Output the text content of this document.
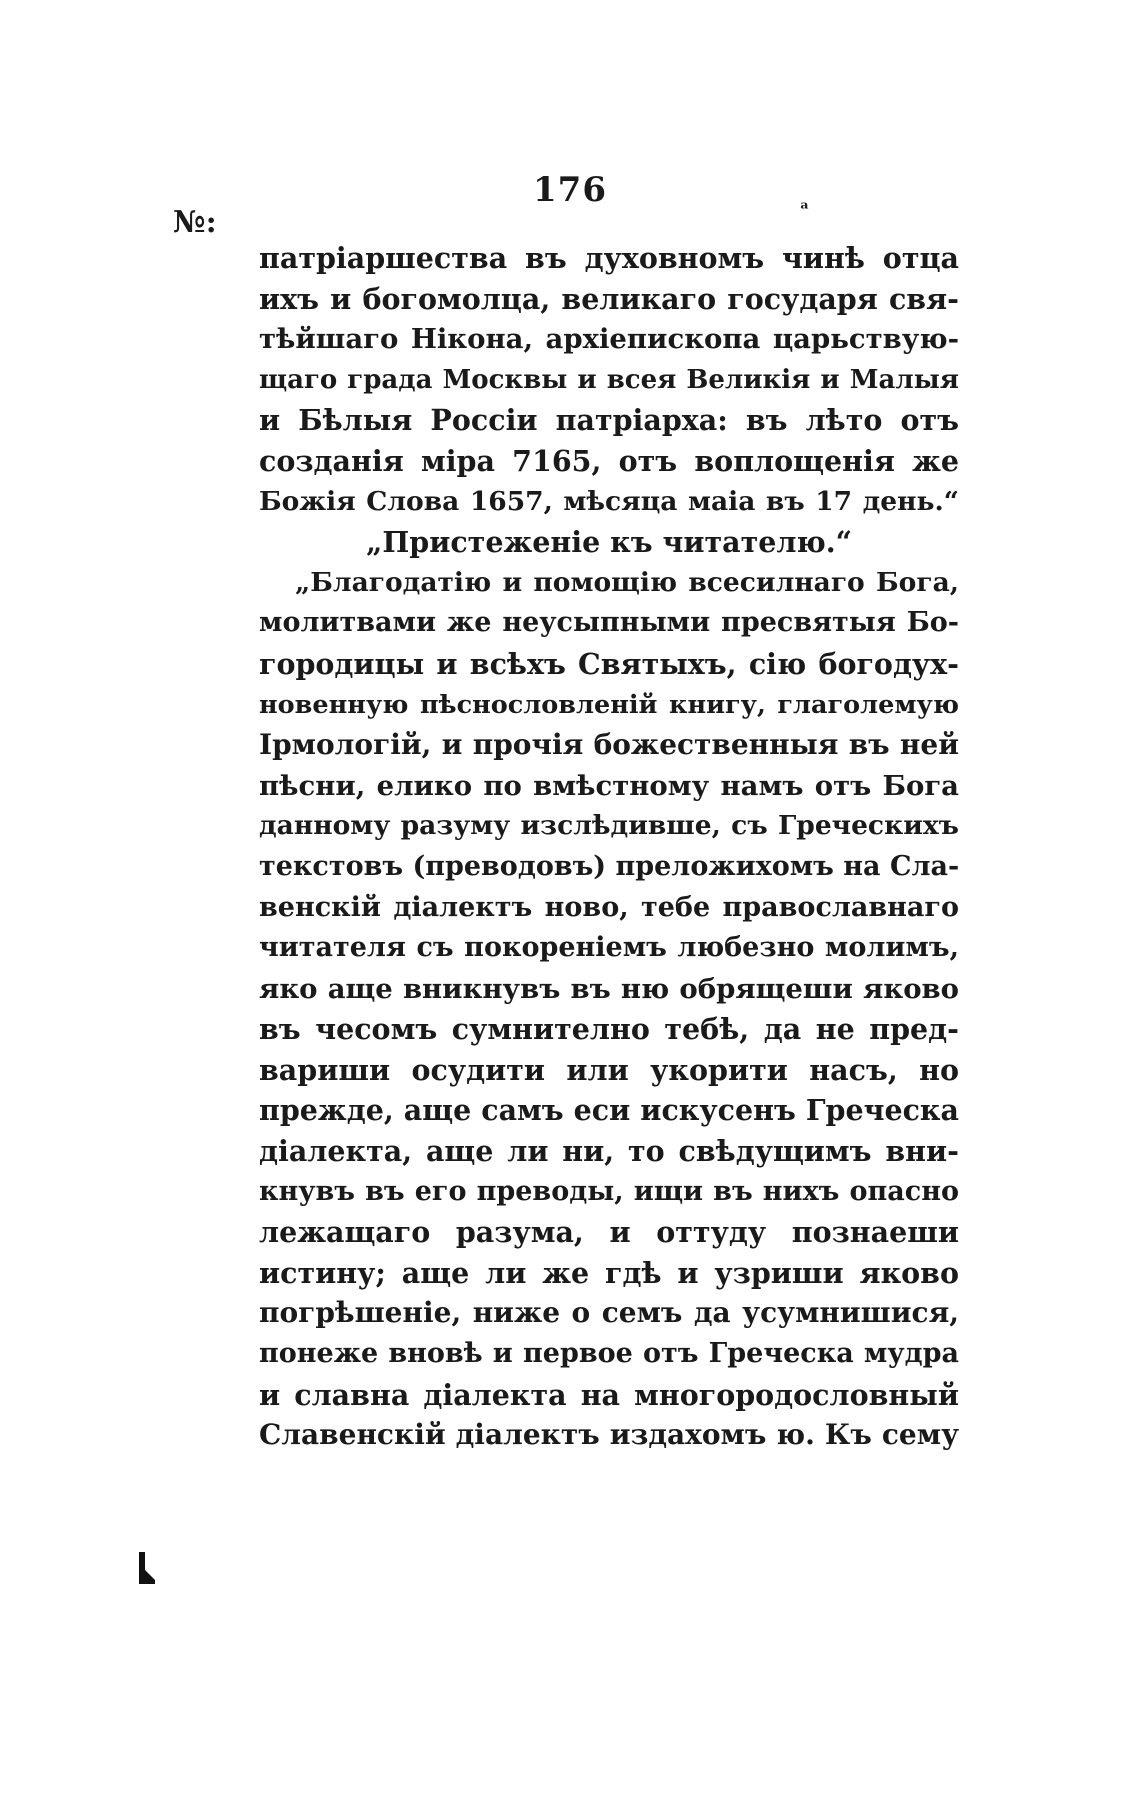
176
№:	ᵃ
патріаршества въ духовномъ чинѣ отца
ихъ и богомолца, великаго государя свя-
тѣйшаго Нікона, архіепископа царьствую-
щаго града Москвы и всея Великія и Малыя
и Бѣлыя Россіи патріарха: въ лѣто отъ
созданія міра 7165, отъ воплощенія же
Божія Слова 1657, мѣсяца маіа въ 17 день.“
„Пристеженіе къ читателю.“
„Благодатію и помощію всесилнаго Бога,
молитвами же неусыпными пресвятыя Бо-
городицы и всѣхъ Святыхъ, сію богодух-
новенную пѣснословленій книгу, глаголемую
Ірмологій, и прочія божественныя въ ней
пѣсни, елико по вмѣстному намъ отъ Бога
данному разуму изслѣдивше, съ Греческихъ
текстовъ (преводовъ) преложихомъ на Сла-
венскій діалектъ ново, тебе православнаго
читателя съ покореніемъ любезно молимъ,
яко аще вникнувъ въ ню обрящеши яково
въ чесомъ сумнително тебѣ, да не пред-
вариши осудити или укорити насъ, но
прежде, аще самъ еси искусенъ Греческа
діалекта, аще ли ни, то свѣдущимъ вни-
кнувъ въ его преводы, ищи въ нихъ опасно
лежащаго разума, и оттуду познаеши
истину; аще ли же гдѣ и узриши яково
погрѣшеніе, ниже о семъ да усумнишися,
понеже вновѣ и первое отъ Греческа мудра
и славна діалекта на многородословный
Славенскій діалектъ издахомъ ю. Къ сему
